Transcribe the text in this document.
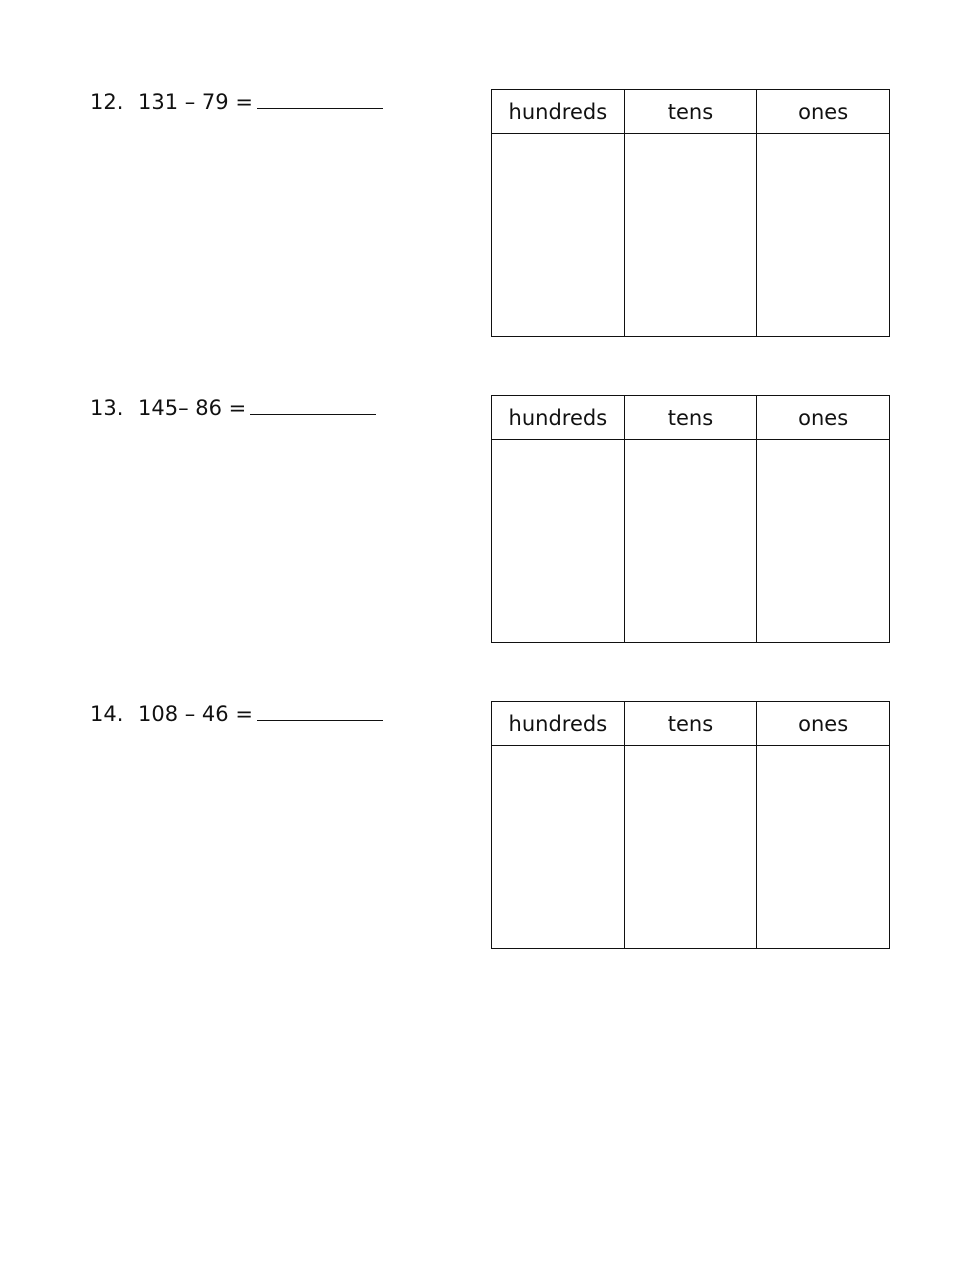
12. 131 – 79 =	hundreds	tens	ones

13. 145– 86 =	hundreds	tens	ones

14. 108 – 46 =	hundreds	tens	ones
